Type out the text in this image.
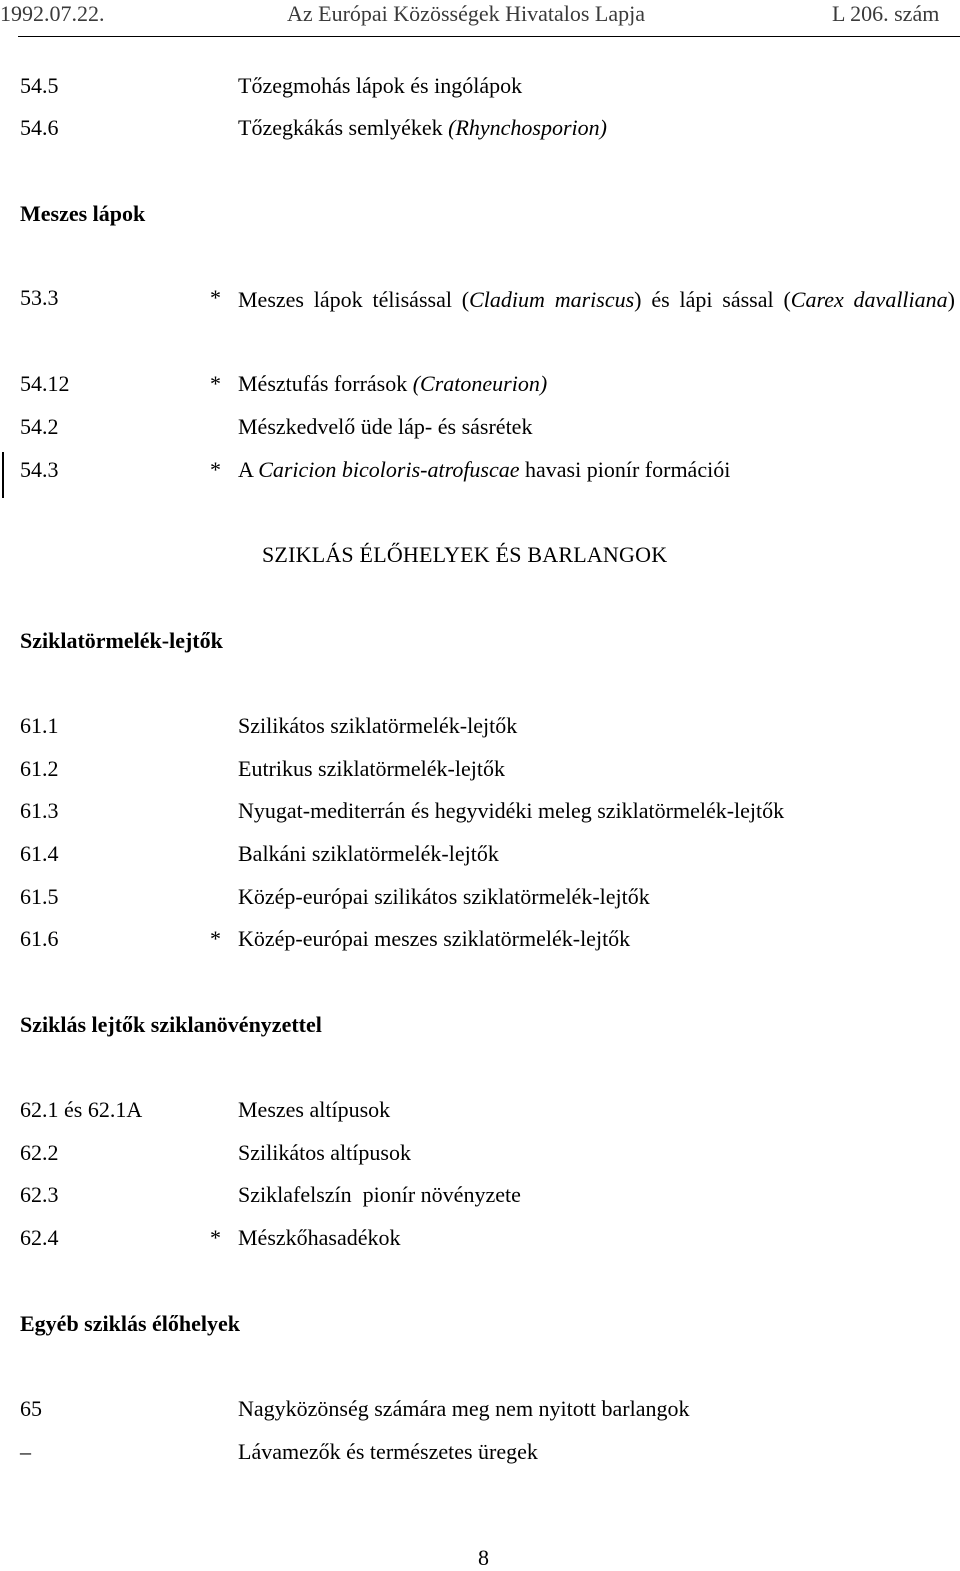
1992.07.22.	Az Európai Közösségek Hivatalos Lapja	L 206. szám
54.5	Tőzegmohás lápok és ingólápok
54.6	Tőzegkákás semlyékek (Rhynchosporion)
Meszes lápok
53.3	* Meszes lápok télisással (Cladium mariscus) és lápi sással (Carex davalliana)
54.12	* Mésztufás források (Cratoneurion)
54.2	Mészkedvelő üde láp- és sásrétek
54.3	* A Caricion bicoloris-atrofuscae havasi pionír formációi
SZIKLÁS ÉLŐHELYEK ÉS BARLANGOK
Sziklatörmelék-lejtők
61.1	Szilikátos sziklatörmelék-lejtők
61.2	Eutrikus sziklatörmelék-lejtők
61.3	Nyugat-mediterrán és hegyvidéki meleg sziklatörmelék-lejtők
61.4	Balkáni sziklatörmelék-lejtők
61.5	Közép-európai szilikátos sziklatörmelék-lejtők
61.6	* Közép-európai meszes sziklatörmelék-lejtők
Sziklás lejtők sziklanövényzettel
62.1 és 62.1A	Meszes altípusok
62.2	Szilikátos altípusok
62.3	Sziklafelszín  pionír növényzete
62.4	* Mészkőhasadékok
Egyéb sziklás élőhelyek
65	Nagyközönség számára meg nem nyitott barlangok
–	Lávamezők és természetes üregek
8
